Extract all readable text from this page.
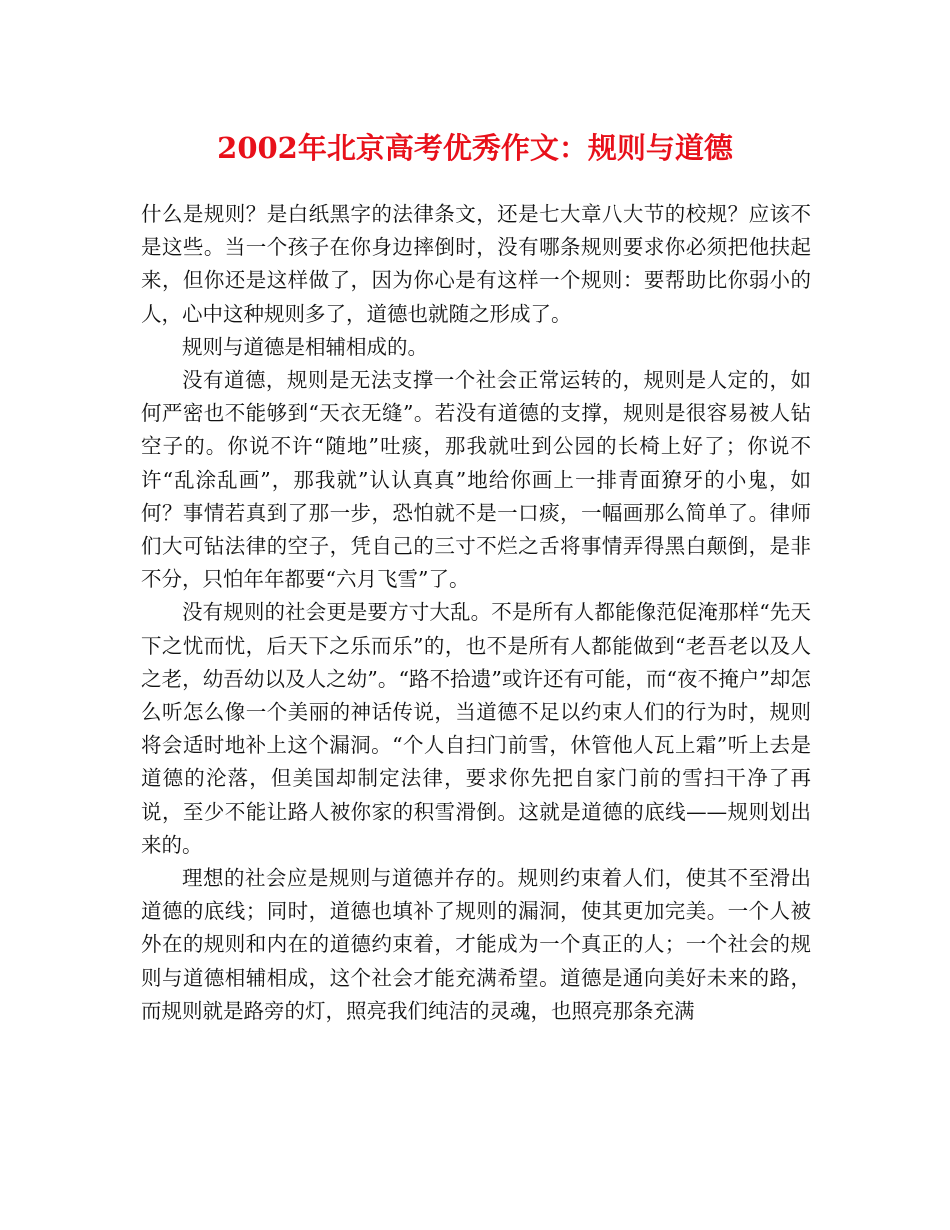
2002年北京高考优秀作文：规则与道德

什么是规则？是白纸黑字的法律条文，还是七大章八大节的校规？应该不是这些。当一个孩子在你身边摔倒时，没有哪条规则要求你必须把他扶起来，但你还是这样做了，因为你心是有这样一个规则：要帮助比你弱小的人，心中这种规则多了，道德也就随之形成了。

规则与道德是相辅相成的。

没有道德，规则是无法支撑一个社会正常运转的，规则是人定的，如何严密也不能够到“天衣无缝”。若没有道德的支撑，规则是很容易被人钻空子的。你说不许“随地”吐痰，那我就吐到公园的长椅上好了；你说不许“乱涂乱画”，那我就”认认真真”地给你画上一排青面獠牙的小鬼，如何？事情若真到了那一步，恐怕就不是一口痰，一幅画那么简单了。律师们大可钻法律的空子，凭自己的三寸不烂之舌将事情弄得黑白颠倒，是非不分，只怕年年都要“六月飞雪”了。

没有规则的社会更是要方寸大乱。不是所有人都能像范促淹那样“先天下之忧而忧，后天下之乐而乐”的，也不是所有人都能做到“老吾老以及人之老，幼吾幼以及人之幼”。“路不拾遗”或许还有可能，而“夜不掩户”却怎么听怎么像一个美丽的神话传说，当道德不足以约束人们的行为时，规则将会适时地补上这个漏洞。“个人自扫门前雪，休管他人瓦上霜”听上去是道德的沦落，但美国却制定法律，要求你先把自家门前的雪扫干净了再说，至少不能让路人被你家的积雪滑倒。这就是道德的底线——规则划出来的。

理想的社会应是规则与道德并存的。规则约束着人们，使其不至滑出道德的底线；同时，道德也填补了规则的漏洞，使其更加完美。一个人被外在的规则和内在的道德约束着，才能成为一个真正的人；一个社会的规则与道德相辅相成，这个社会才能充满希望。道德是通向美好未来的路，而规则就是路旁的灯，照亮我们纯洁的灵魂，也照亮那条充满
